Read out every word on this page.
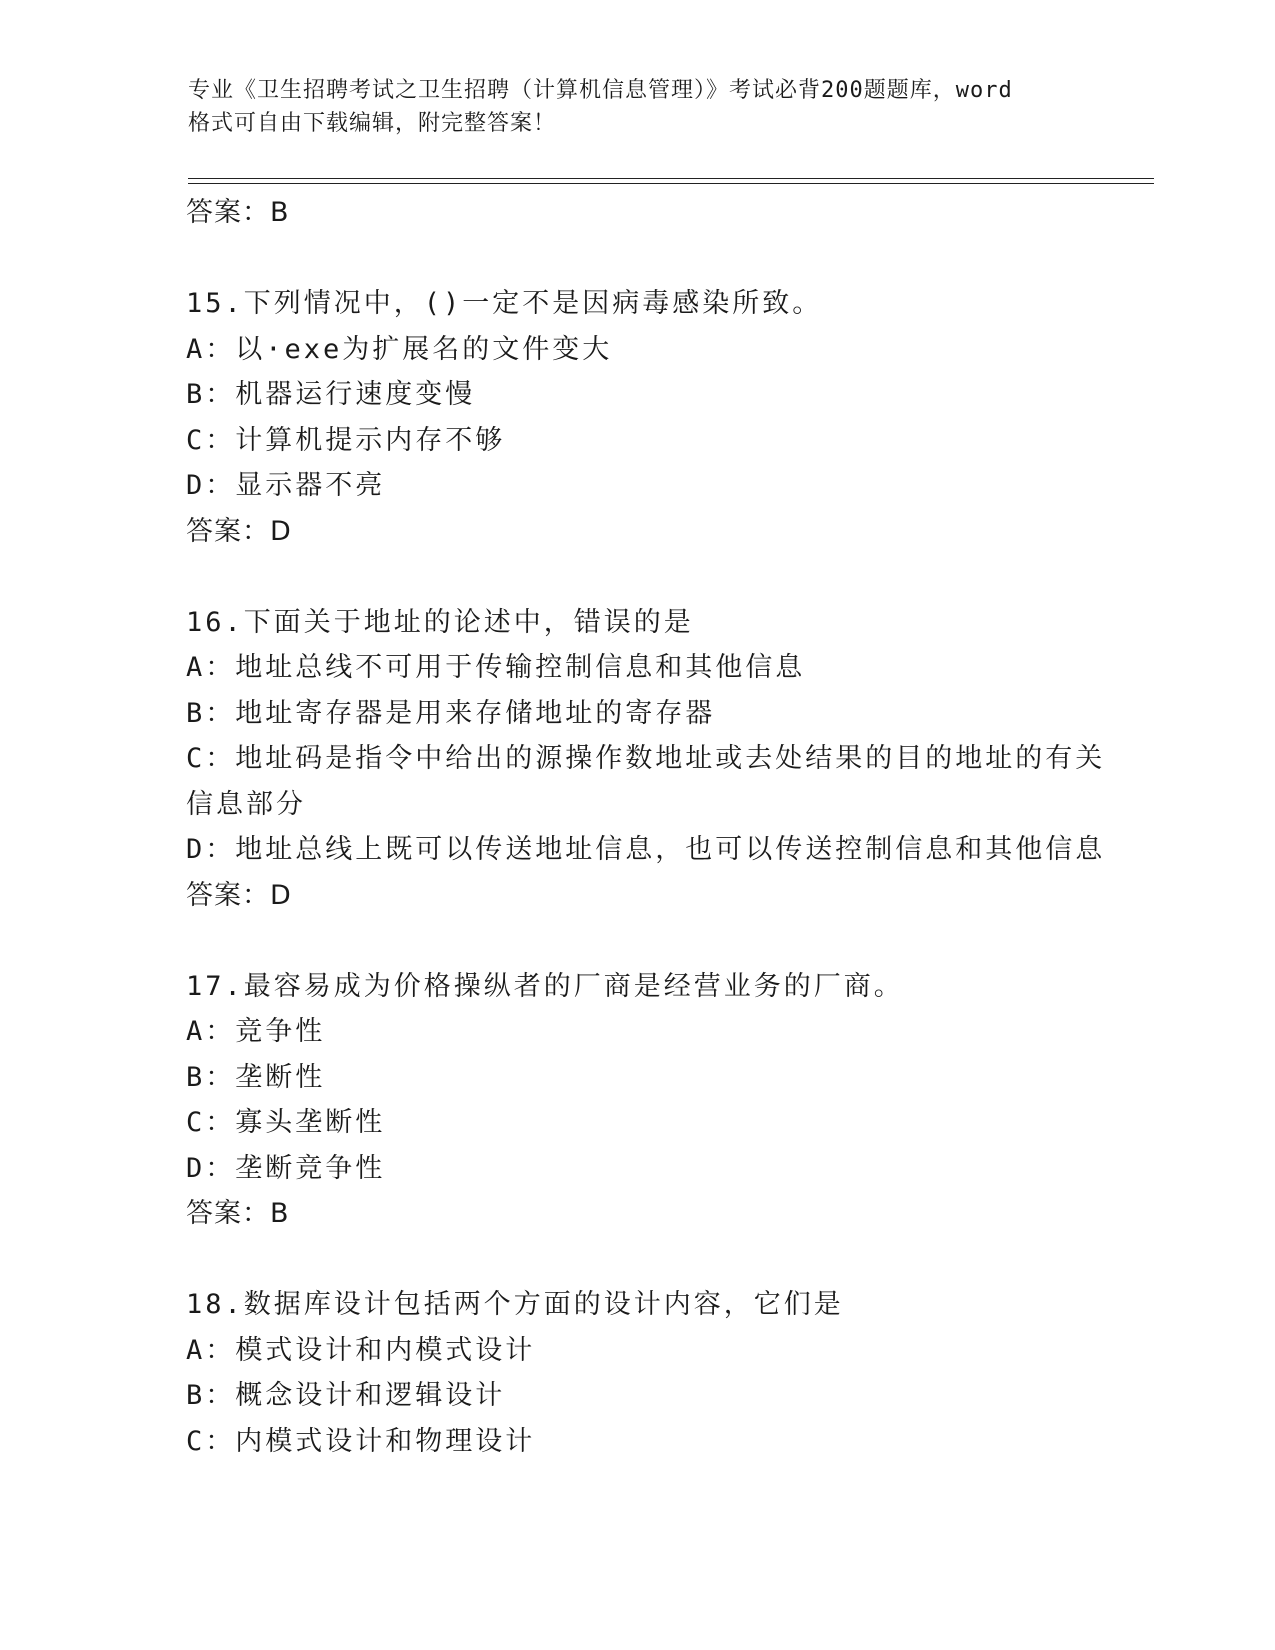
专业《卫生招聘考试之卫生招聘（计算机信息管理）》考试必背200题题库，word
格式可自由下载编辑，附完整答案！
答案：B
15.下列情况中，()一定不是因病毒感染所致。
A：以·exe为扩展名的文件变大
B：机器运行速度变慢
C：计算机提示内存不够
D：显示器不亮
答案：D
16.下面关于地址的论述中，错误的是
A：地址总线不可用于传输控制信息和其他信息
B：地址寄存器是用来存储地址的寄存器
C：地址码是指令中给出的源操作数地址或去处结果的目的地址的有关
信息部分
D：地址总线上既可以传送地址信息，也可以传送控制信息和其他信息
答案：D
17.最容易成为价格操纵者的厂商是经营业务的厂商。
A：竞争性
B：垄断性
C：寡头垄断性
D：垄断竞争性
答案：B
18.数据库设计包括两个方面的设计内容，它们是
A：模式设计和内模式设计
B：概念设计和逻辑设计
C：内模式设计和物理设计
